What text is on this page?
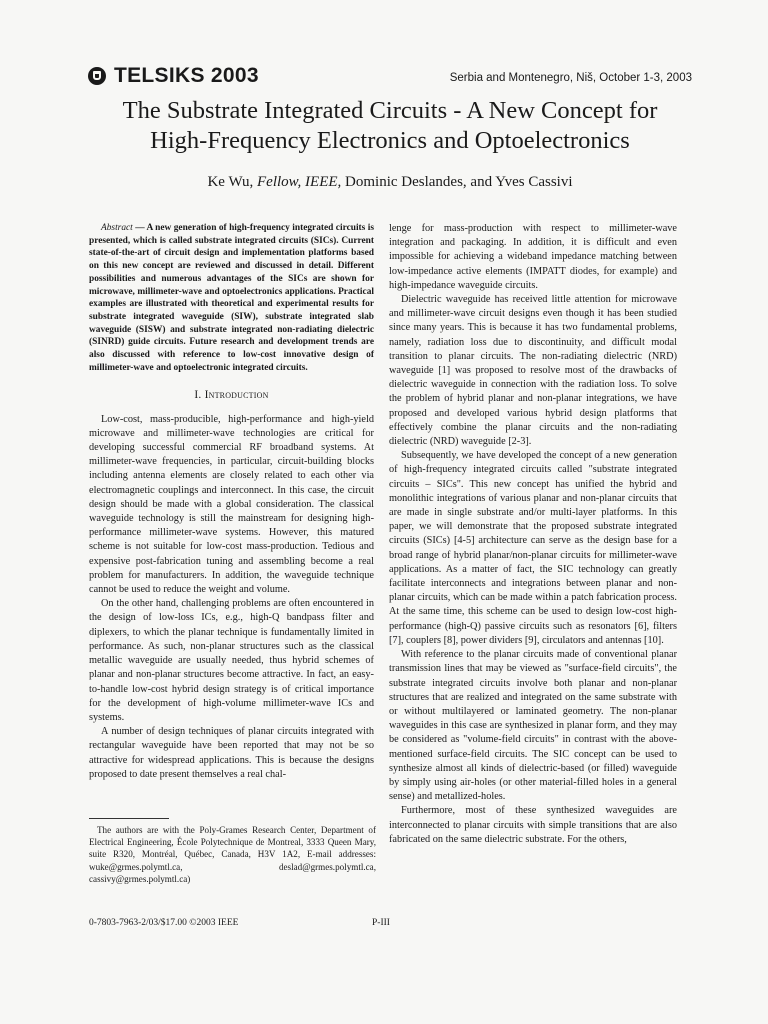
TELSIKS 2003	Serbia and Montenegro, Niš, October 1-3, 2003
The Substrate Integrated Circuits - A New Concept for
High-Frequency Electronics and Optoelectronics
Ke Wu, Fellow, IEEE, Dominic Deslandes, and Yves Cassivi

Abstract — A new generation of high-frequency integrated circuits is presented, which is called substrate integrated circuits (SICs). Current state-of-the-art of circuit design and implementation platforms based on this new concept are reviewed and discussed in detail. Different possibilities and numerous advantages of the SICs are shown for microwave, millimeter-wave and optoelectronics applications. Practical examples are illustrated with theoretical and experimental results for substrate integrated waveguide (SIW), substrate integrated slab waveguide (SISW) and substrate integrated non-radiating dielectric (SINRD) guide circuits. Future research and development trends are also discussed with reference to low-cost innovative design of millimeter-wave and optoelectronic integrated circuits.

I. Introduction

Low-cost, mass-producible, high-performance and high-yield microwave and millimeter-wave technologies are critical for developing successful commercial RF broadband systems. At millimeter-wave frequencies, in particular, circuit-building blocks including antenna elements are closely related to each other via electromagnetic couplings and interconnect. In this case, the circuit design should be made with a global consideration. The classical waveguide technology is still the mainstream for designing high-performance millimeter-wave systems. However, this matured scheme is not suitable for low-cost mass-production. Tedious and expensive post-fabrication tuning and assembling become a real problem for manufacturers. In addition, the waveguide technique cannot be used to reduce the weight and volume.

On the other hand, challenging problems are often encountered in the design of low-loss ICs, e.g., high-Q bandpass filter and diplexers, to which the planar technique is fundamentally limited in performance. As such, non-planar structures such as the classical metallic waveguide are usually needed, thus hybrid schemes of planar and non-planar structures become attractive. In fact, an easy-to-handle low-cost hybrid design strategy is of critical importance for the development of high-volume millimeter-wave ICs and systems.

A number of design techniques of planar circuits integrated with rectangular waveguide have been reported that may not be so attractive for widespread applications. This is because the designs proposed to date present themselves a real chal-

lenge for mass-production with respect to millimeter-wave integration and packaging. In addition, it is difficult and even impossible for achieving a wideband impedance matching between low-impedance active elements (IMPATT diodes, for example) and high-impedance waveguide circuits.

Dielectric waveguide has received little attention for microwave and millimeter-wave circuit designs even though it has been studied since many years. This is because it has two fundamental problems, namely, radiation loss due to discontinuity, and difficult modal transition to planar circuits. The non-radiating dielectric (NRD) waveguide [1] was proposed to resolve most of the drawbacks of dielectric waveguide in connection with the radiation loss. To solve the problem of hybrid planar and non-planar integrations, we have proposed and developed various hybrid design platforms that effectively combine the planar circuits and the non-radiating dielectric (NRD) waveguide [2-3].

Subsequently, we have developed the concept of a new generation of high-frequency integrated circuits called "substrate integrated circuits – SICs". This new concept has unified the hybrid and monolithic integrations of various planar and non-planar circuits that are made in single substrate and/or multi-layer platforms. In this paper, we will demonstrate that the proposed substrate integrated circuits (SICs) [4-5] architecture can serve as the design base for a broad range of hybrid planar/non-planar circuits for millimeter-wave applications. As a matter of fact, the SIC technology can greatly facilitate interconnects and integrations between planar and non-planar circuits, which can be made within a patch fabrication process. At the same time, this scheme can be used to design low-cost high-performance (high-Q) passive circuits such as resonators [6], filters [7], couplers [8], power dividers [9], circulators and antennas [10].

With reference to the planar circuits made of conventional planar transmission lines that may be viewed as "surface-field circuits", the substrate integrated circuits involve both planar and non-planar structures that are realized and integrated on the same substrate with or without multilayered or laminated geometry. The non-planar waveguides in this case are synthesized in planar form, and they may be considered as "volume-field circuits" in contrast with the above-mentioned surface-field circuits. The SIC concept can be used to synthesize almost all kinds of dielectric-based (or filled) waveguide by simply using air-holes (or other material-filled holes in a general sense) and metallized-holes.

Furthermore, most of these synthesized waveguides are interconnected to planar circuits with simple transitions that are also fabricated on the same dielectric substrate. For the others,

The authors are with the Poly-Grames Research Center, Department of Electrical Engineering, École Polytechnique de Montreal, 3333 Queen Mary, suite R320, Montréal, Québec, Canada, H3V 1A2, E-mail addresses: wuke@grmes.polymtl.ca, deslad@grmes.polymtl.ca, cassivy@grmes.polymtl.ca)

0-7803-7963-2/03/$17.00 ©2003 IEEE	P-III
